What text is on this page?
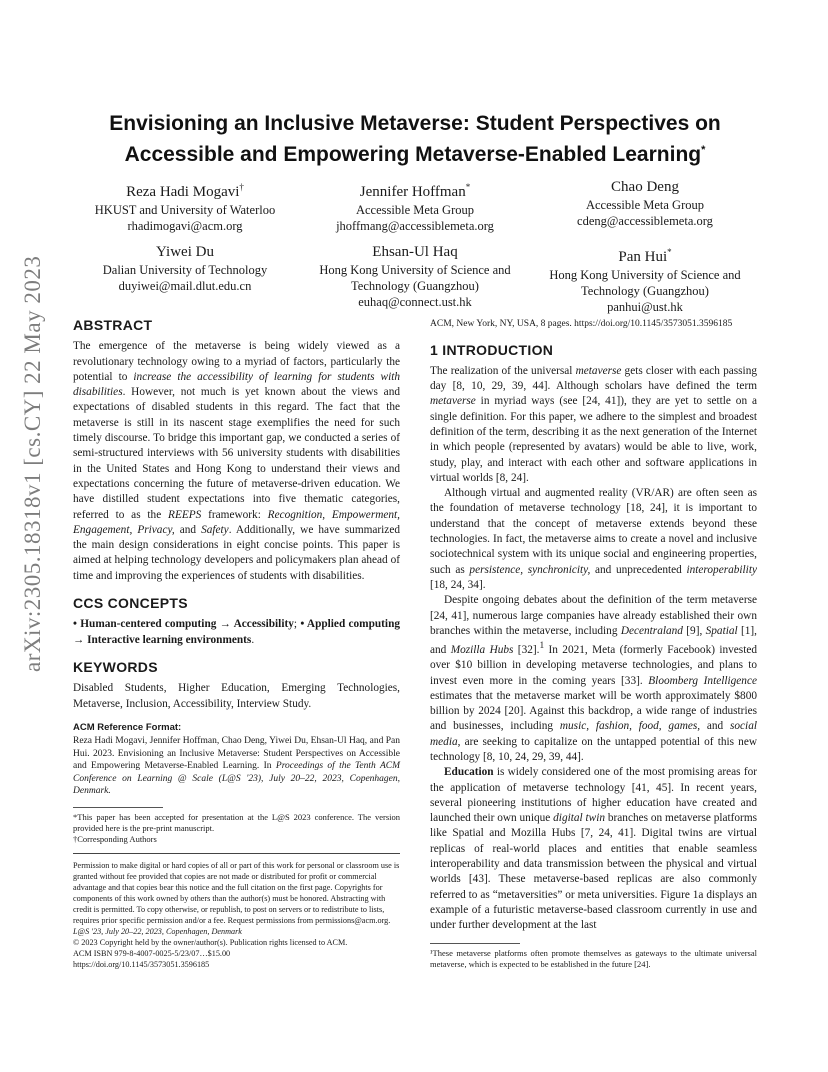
arXiv:2305.18318v1 [cs.CY] 22 May 2023
Envisioning an Inclusive Metaverse: Student Perspectives on
Accessible and Empowering Metaverse-Enabled Learning*
Reza Hadi Mogavi†
HKUST and University of Waterloo
rhadimogavi@acm.org
Jennifer Hoffman*
Accessible Meta Group
jhoffmang@accessiblemeta.org
Chao Deng
Accessible Meta Group
cdeng@accessiblemeta.org
Yiwei Du
Dalian University of Technology
duyiwei@mail.dlut.edu.cn
Ehsan-Ul Haq
Hong Kong University of Science and
Technology (Guangzhou)
euhaq@connect.ust.hk
Pan Hui*
Hong Kong University of Science and
Technology (Guangzhou)
panhui@ust.hk
ABSTRACT

The emergence of the metaverse is being widely viewed as a revolutionary technology owing to a myriad of factors, particularly the potential to increase the accessibility of learning for students with disabilities. However, not much is yet known about the views and expectations of disabled students in this regard. The fact that the metaverse is still in its nascent stage exemplifies the need for such timely discourse. To bridge this important gap, we conducted a series of semi-structured interviews with 56 university students with disabilities in the United States and Hong Kong to understand their views and expectations concerning the future of metaverse-driven education. We have distilled student expectations into five thematic categories, referred to as the REEPS framework: Recognition, Empowerment, Engagement, Privacy, and Safety. Additionally, we have summarized the main design considerations in eight concise points. This paper is aimed at helping technology developers and policymakers plan ahead of time and improving the experiences of students with disabilities.

CCS CONCEPTS

• Human-centered computing → Accessibility; • Applied computing → Interactive learning environments.

KEYWORDS

Disabled Students, Higher Education, Emerging Technologies, Metaverse, Inclusion, Accessibility, Interview Study.

ACM Reference Format:

Reza Hadi Mogavi, Jennifer Hoffman, Chao Deng, Yiwei Du, Ehsan-Ul Haq, and Pan Hui. 2023. Envisioning an Inclusive Metaverse: Student Perspectives on Accessible and Empowering Metaverse-Enabled Learning. In Proceedings of the Tenth ACM Conference on Learning @ Scale (L@S '23), July 20–22, 2023, Copenhagen, Denmark.

*This paper has been accepted for presentation at the L@S 2023 conference. The version provided here is the pre-print manuscript.

†Corresponding Authors

Permission to make digital or hard copies of all or part of this work for personal or classroom use is granted without fee provided that copies are not made or distributed for profit or commercial advantage and that copies bear this notice and the full citation on the first page. Copyrights for components of this work owned by others than the author(s) must be honored. Abstracting with credit is permitted. To copy otherwise, or republish, to post on servers or to redistribute to lists, requires prior specific permission and/or a fee. Request permissions from permissions@acm.org.

L@S '23, July 20–22, 2023, Copenhagen, Denmark

© 2023 Copyright held by the owner/author(s). Publication rights licensed to ACM.

ACM ISBN 979-8-4007-0025-5/23/07…$15.00

https://doi.org/10.1145/3573051.3596185

ACM, New York, NY, USA, 8 pages. https://doi.org/10.1145/3573051.3596185

1 INTRODUCTION

The realization of the universal metaverse gets closer with each passing day [8, 10, 29, 39, 44]. Although scholars have defined the term metaverse in myriad ways (see [24, 41]), they are yet to settle on a single definition. For this paper, we adhere to the simplest and broadest definition of the term, describing it as the next generation of the Internet in which people (represented by avatars) would be able to live, work, study, play, and interact with each other and software applications in virtual worlds [8, 24].

Although virtual and augmented reality (VR/AR) are often seen as the foundation of metaverse technology [18, 24], it is important to understand that the concept of metaverse extends beyond these technologies. In fact, the metaverse aims to create a novel and inclusive sociotechnical system with its unique social and engineering properties, such as persistence, synchronicity, and unprecedented interoperability [18, 24, 34].

Despite ongoing debates about the definition of the term metaverse [24, 41], numerous large companies have already established their own branches within the metaverse, including Decentraland [9], Spatial [1], and Mozilla Hubs [32].$^1$ In 2021, Meta (formerly Facebook) invested over $10 billion in developing metaverse technologies, and plans to invest even more in the coming years [33]. Bloomberg Intelligence estimates that the metaverse market will be worth approximately $800 billion by 2024 [20]. Against this backdrop, a wide range of industries and businesses, including music, fashion, food, games, and social media, are seeking to capitalize on the untapped potential of this new technology [8, 10, 24, 29, 39, 44].

Education is widely considered one of the most promising areas for the application of metaverse technology [41, 45]. In recent years, several pioneering institutions of higher education have created and launched their own unique digital twin branches on metaverse platforms like Spatial and Mozilla Hubs [7, 24, 41]. Digital twins are virtual replicas of real-world places and entities that enable seamless interoperability and data transmission between the physical and virtual worlds [43]. These metaverse-based replicas are also commonly referred to as “metaversities” or meta universities. Figure 1a displays an example of a futuristic metaverse-based classroom currently in use and under further development at the last

¹These metaverse platforms often promote themselves as gateways to the ultimate universal metaverse, which is expected to be established in the future [24].
